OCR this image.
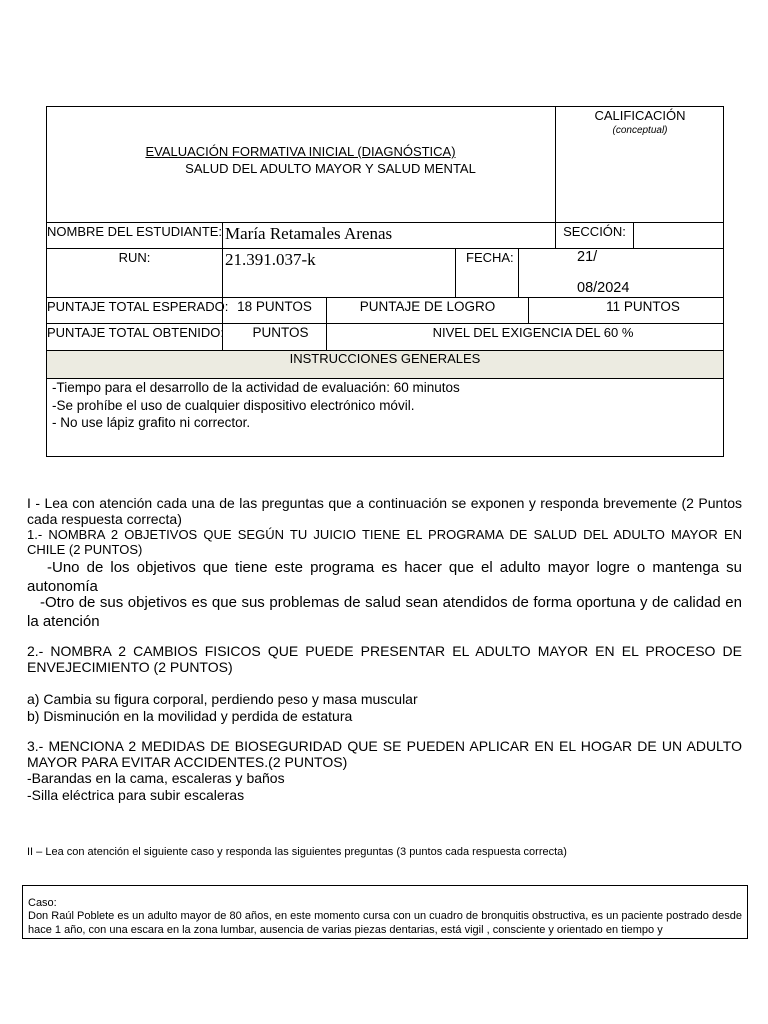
EVALUACIÓN FORMATIVA INICIAL (DIAGNÓSTICA)
SALUD DEL ADULTO MAYOR Y SALUD MENTAL
CALIFICACIÓN
(conceptual)
NOMBRE DEL ESTUDIANTE: María Retamales Arenas	SECCIÓN:
RUN:	21.391.037-k	FECHA:	21/
08/2024
PUNTAJE TOTAL ESPERADO: 18 PUNTOS	PUNTAJE DE LOGRO	11 PUNTOS
PUNTAJE TOTAL OBTENIDO:	PUNTOS	NIVEL DEL EXIGENCIA DEL 60 %
INSTRUCCIONES GENERALES
-Tiempo para el desarrollo de la actividad de evaluación: 60 minutos
-Se prohíbe el uso de cualquier dispositivo electrónico móvil.
- No use lápiz grafito ni corrector.
I - Lea con atención cada una de las preguntas que a continuación se exponen y responda brevemente (2 Puntos cada respuesta correcta)
1.- NOMBRA 2 OBJETIVOS QUE SEGÚN TU JUICIO TIENE EL PROGRAMA DE SALUD DEL ADULTO MAYOR EN CHILE (2 PUNTOS)
-Uno de los objetivos que tiene este programa es hacer que el adulto mayor logre o mantenga su autonomía
-Otro de sus objetivos es que sus problemas de salud sean atendidos de forma oportuna y de calidad en la atención
2.- NOMBRA 2 CAMBIOS FISICOS QUE PUEDE PRESENTAR EL ADULTO MAYOR EN EL PROCESO DE ENVEJECIMIENTO (2 PUNTOS)
a) Cambia su figura corporal, perdiendo peso y masa muscular
b) Disminución en la movilidad y perdida de estatura
3.- MENCIONA 2 MEDIDAS DE BIOSEGURIDAD QUE SE PUEDEN APLICAR EN EL HOGAR DE UN ADULTO MAYOR PARA EVITAR ACCIDENTES.(2 PUNTOS)
-Barandas en la cama, escaleras y baños
-Silla eléctrica para subir escaleras
II – Lea con atención el siguiente caso y responda las siguientes preguntas (3 puntos cada respuesta correcta)
Caso:
Don Raúl Poblete es un adulto mayor de 80 años, en este momento cursa con un cuadro de bronquitis obstructiva, es un paciente postrado desde hace 1 año, con una escara en la zona lumbar, ausencia de varias piezas dentarias, está vigil , consciente y orientado en tiempo y
